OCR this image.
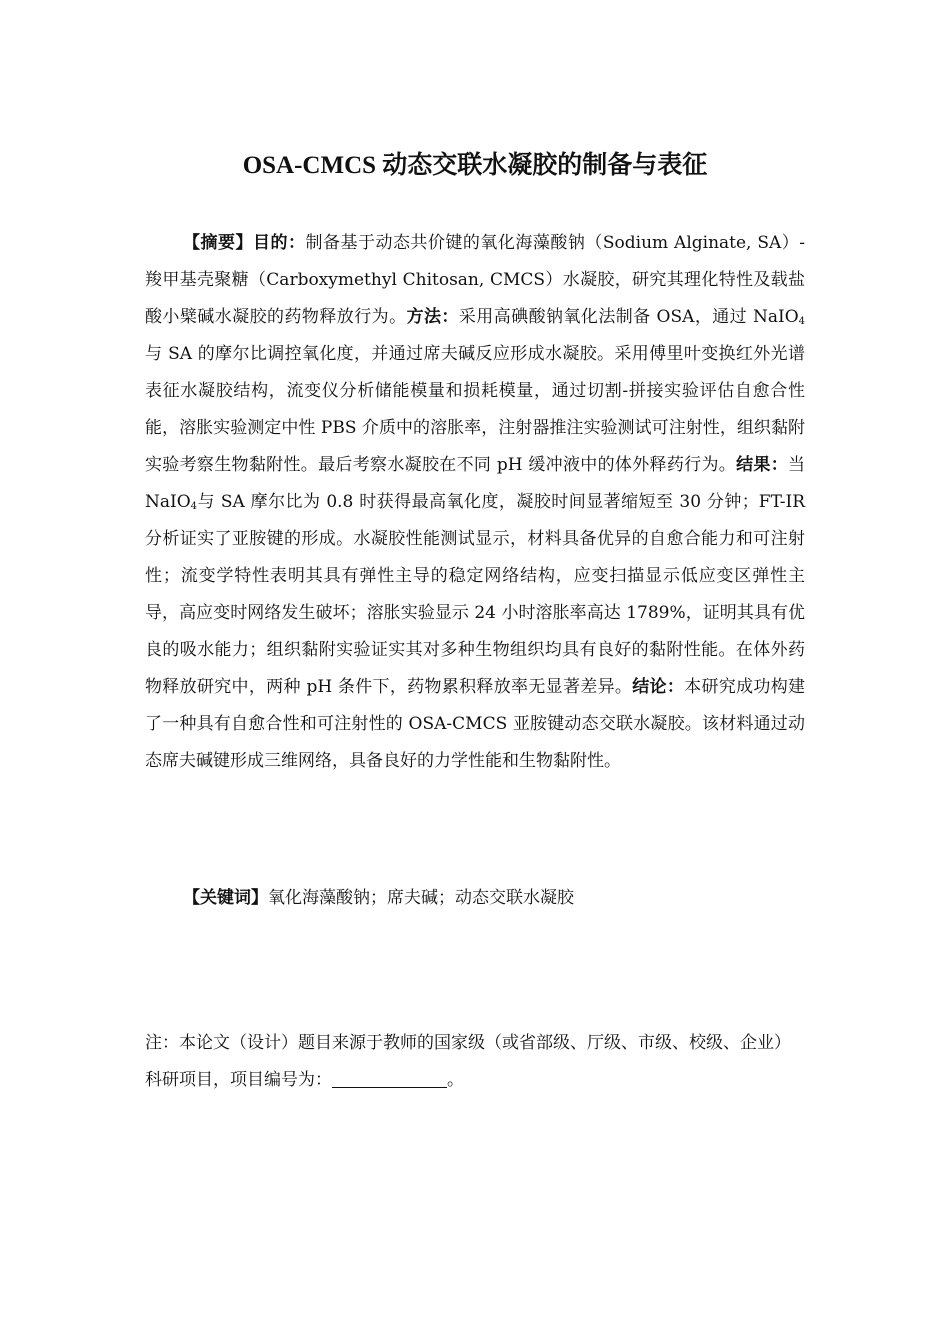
OSA-CMCS 动态交联水凝胶的制备与表征

【摘要】目的：制备基于动态共价键的氧化海藻酸钠（Sodium Alginate, SA）-羧甲基壳聚糖（Carboxymethyl Chitosan, CMCS）水凝胶，研究其理化特性及载盐酸小檗碱水凝胶的药物释放行为。方法：采用高碘酸钠氧化法制备 OSA，通过 NaIO$_4$与 SA 的摩尔比调控氧化度，并通过席夫碱反应形成水凝胶。采用傅里叶变换红外光谱表征水凝胶结构，流变仪分析储能模量和损耗模量，通过切割-拼接实验评估自愈合性能，溶胀实验测定中性 PBS 介质中的溶胀率，注射器推注实验测试可注射性，组织黏附实验考察生物黏附性。最后考察水凝胶在不同 pH 缓冲液中的体外释药行为。结果：当 NaIO$_4$与 SA 摩尔比为 0.8 时获得最高氧化度，凝胶时间显著缩短至 30 分钟；FT-IR 分析证实了亚胺键的形成。水凝胶性能测试显示，材料具备优异的自愈合能力和可注射性；流变学特性表明其具有弹性主导的稳定网络结构，应变扫描显示低应变区弹性主导，高应变时网络发生破坏；溶胀实验显示 24 小时溶胀率高达 1789%，证明其具有优良的吸水能力；组织黏附实验证实其对多种生物组织均具有良好的黏附性能。在体外药物释放研究中，两种 pH 条件下，药物累积释放率无显著差异。结论：本研究成功构建了一种具有自愈合性和可注射性的 OSA-CMCS 亚胺键动态交联水凝胶。该材料通过动态席夫碱键形成三维网络，具备良好的力学性能和生物黏附性。

【关键词】氧化海藻酸钠；席夫碱；动态交联水凝胶

注：本论文（设计）题目来源于教师的国家级（或省部级、厅级、市级、校级、企业）科研项目，项目编号为：	。
